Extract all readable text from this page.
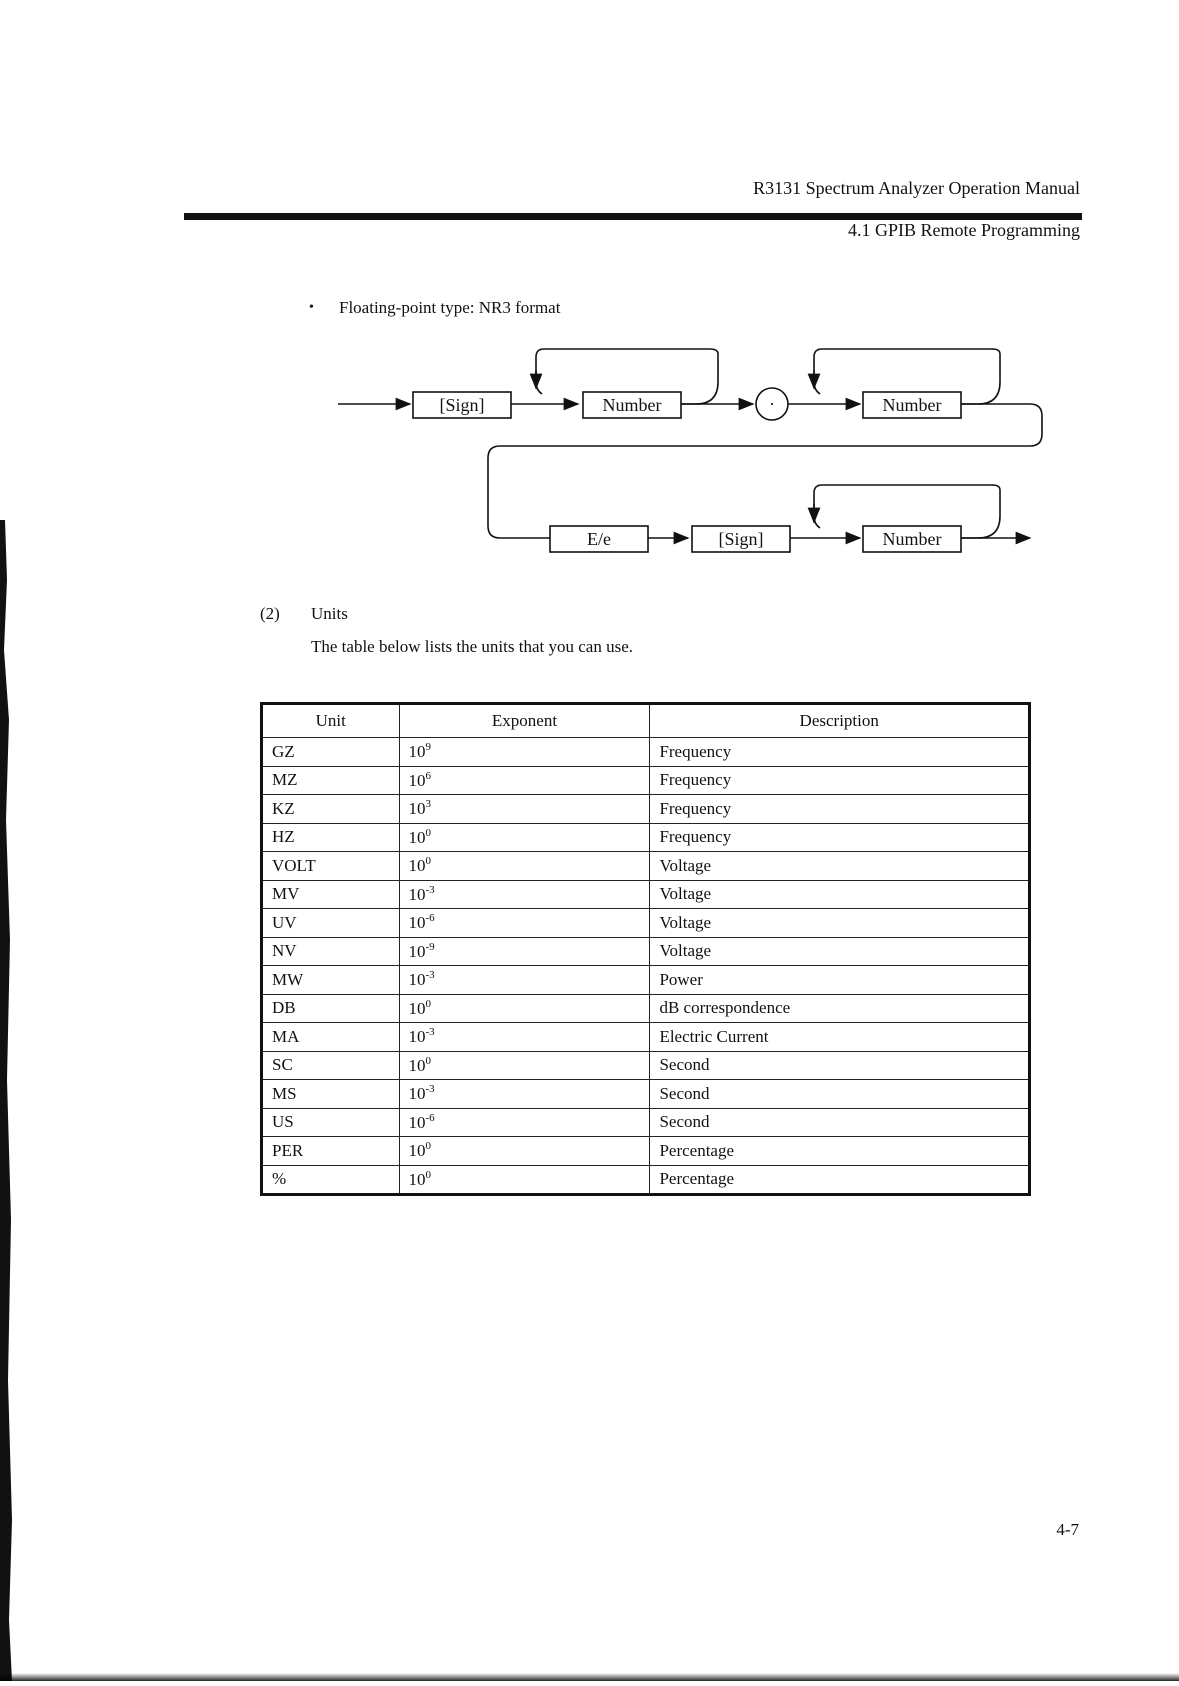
R3131 Spectrum Analyzer Operation Manual
4.1 GPIB Remote Programming
• Floating-point type: NR3 format
[Sign]	Number	·	Number
E/e	[Sign]	Number
(2) Units
The table below lists the units that you can use.
Unit	Exponent	Description
GZ	$10^9$	Frequency
MZ	$10^6$	Frequency
KZ	$10^3$	Frequency
HZ	$10^0$	Frequency
VOLT	$10^0$	Voltage
MV	$10^{-3}$	Voltage
UV	$10^{-6}$	Voltage
NV	$10^{-9}$	Voltage
MW	$10^{-3}$	Power
DB	$10^0$	dB correspondence
MA	$10^{-3}$	Electric Current
SC	$10^0$	Second
MS	$10^{-3}$	Second
US	$10^{-6}$	Second
PER	$10^0$	Percentage
%	$10^0$	Percentage
4-7
